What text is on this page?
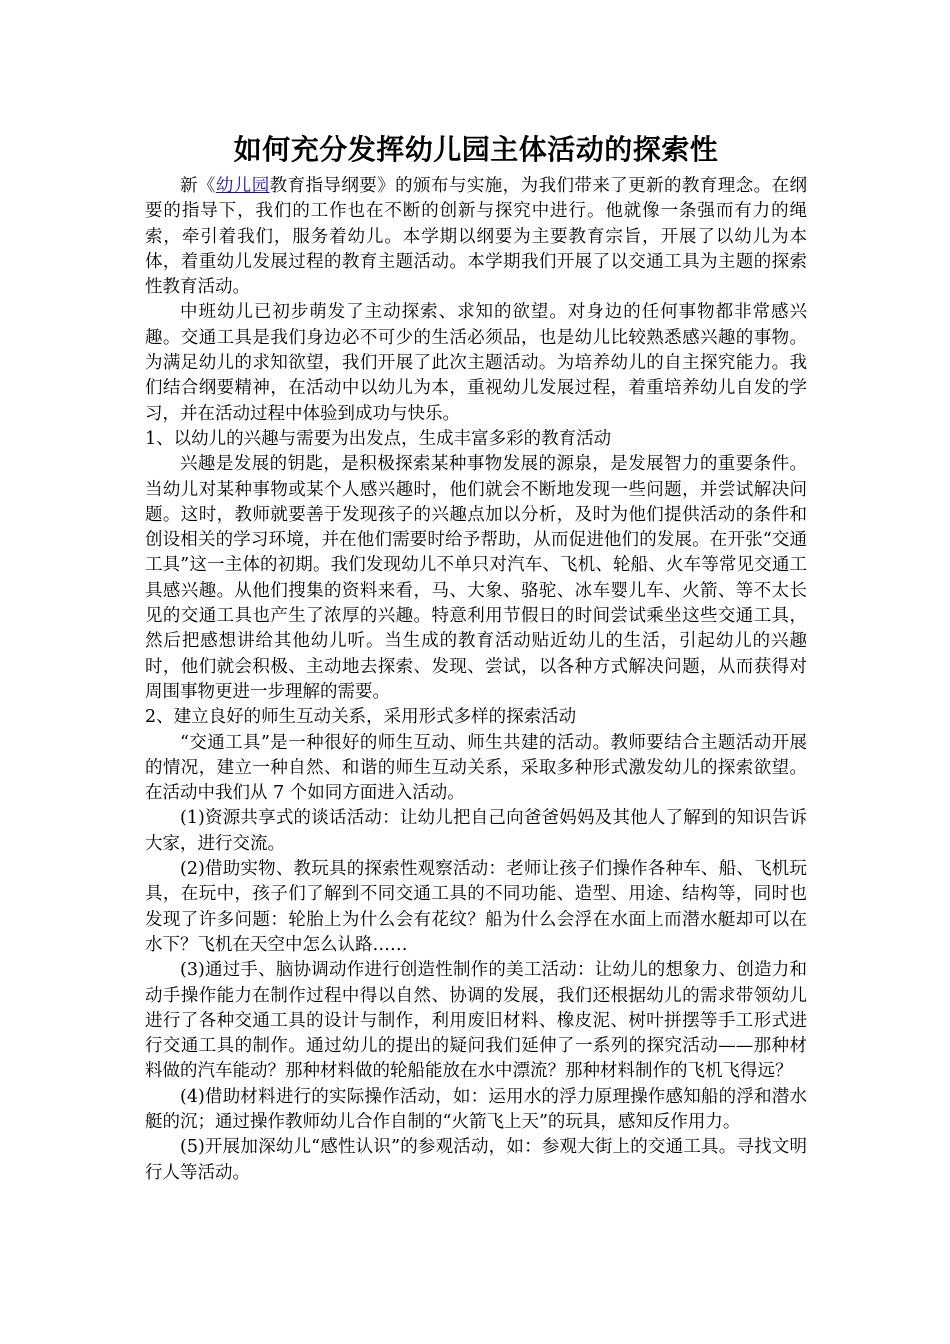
如何充分发挥幼儿园主体活动的探索性

新《幼儿园教育指导纲要》的颁布与实施，为我们带来了更新的教育理念。在纲要的指导下，我们的工作也在不断的创新与探究中进行。他就像一条强而有力的绳索，牵引着我们，服务着幼儿。本学期以纲要为主要教育宗旨，开展了以幼儿为本体，着重幼儿发展过程的教育主题活动。本学期我们开展了以交通工具为主题的探索性教育活动。

中班幼儿已初步萌发了主动探索、求知的欲望。对身边的任何事物都非常感兴趣。交通工具是我们身边必不可少的生活必须品，也是幼儿比较熟悉感兴趣的事物。为满足幼儿的求知欲望，我们开展了此次主题活动。为培养幼儿的自主探究能力。我们结合纲要精神，在活动中以幼儿为本，重视幼儿发展过程，着重培养幼儿自发的学习，并在活动过程中体验到成功与快乐。

1、以幼儿的兴趣与需要为出发点，生成丰富多彩的教育活动

兴趣是发展的钥匙，是积极探索某种事物发展的源泉，是发展智力的重要条件。当幼儿对某种事物或某个人感兴趣时，他们就会不断地发现一些问题，并尝试解决问题。这时，教师就要善于发现孩子的兴趣点加以分析，及时为他们提供活动的条件和创设相关的学习环境，并在他们需要时给予帮助，从而促进他们的发展。在开张“交通工具”这一主体的初期。我们发现幼儿不单只对汽车、飞机、轮船、火车等常见交通工具感兴趣。从他们搜集的资料来看，马、大象、骆驼、冰车婴儿车、火箭、等不太长见的交通工具也产生了浓厚的兴趣。特意利用节假日的时间尝试乘坐这些交通工具，然后把感想讲给其他幼儿听。当生成的教育活动贴近幼儿的生活，引起幼儿的兴趣时，他们就会积极、主动地去探索、发现、尝试，以各种方式解决问题，从而获得对周围事物更进一步理解的需要。

2、建立良好的师生互动关系，采用形式多样的探索活动

“交通工具”是一种很好的师生互动、师生共建的活动。教师要结合主题活动开展的情况，建立一种自然、和谐的师生互动关系，采取多种形式激发幼儿的探索欲望。在活动中我们从 7 个如同方面进入活动。

(1)资源共享式的谈话活动：让幼儿把自己向爸爸妈妈及其他人了解到的知识告诉大家，进行交流。

(2)借助实物、教玩具的探索性观察活动：老师让孩子们操作各种车、船、飞机玩具，在玩中，孩子们了解到不同交通工具的不同功能、造型、用途、结构等，同时也发现了许多问题：轮胎上为什么会有花纹？船为什么会浮在水面上而潜水艇却可以在水下？飞机在天空中怎么认路……

(3)通过手、脑协调动作进行创造性制作的美工活动：让幼儿的想象力、创造力和动手操作能力在制作过程中得以自然、协调的发展，我们还根据幼儿的需求带领幼儿进行了各种交通工具的设计与制作，利用废旧材料、橡皮泥、树叶拼摆等手工形式进行交通工具的制作。通过幼儿的提出的疑问我们延伸了一系列的探究活动——那种材料做的汽车能动？那种材料做的轮船能放在水中漂流？那种材料制作的飞机飞得远？

(4)借助材料进行的实际操作活动，如：运用水的浮力原理操作感知船的浮和潜水艇的沉；通过操作教师幼儿合作自制的“火箭飞上天”的玩具，感知反作用力。

(5)开展加深幼儿“感性认识”的参观活动，如：参观大街上的交通工具。寻找文明行人等活动。
